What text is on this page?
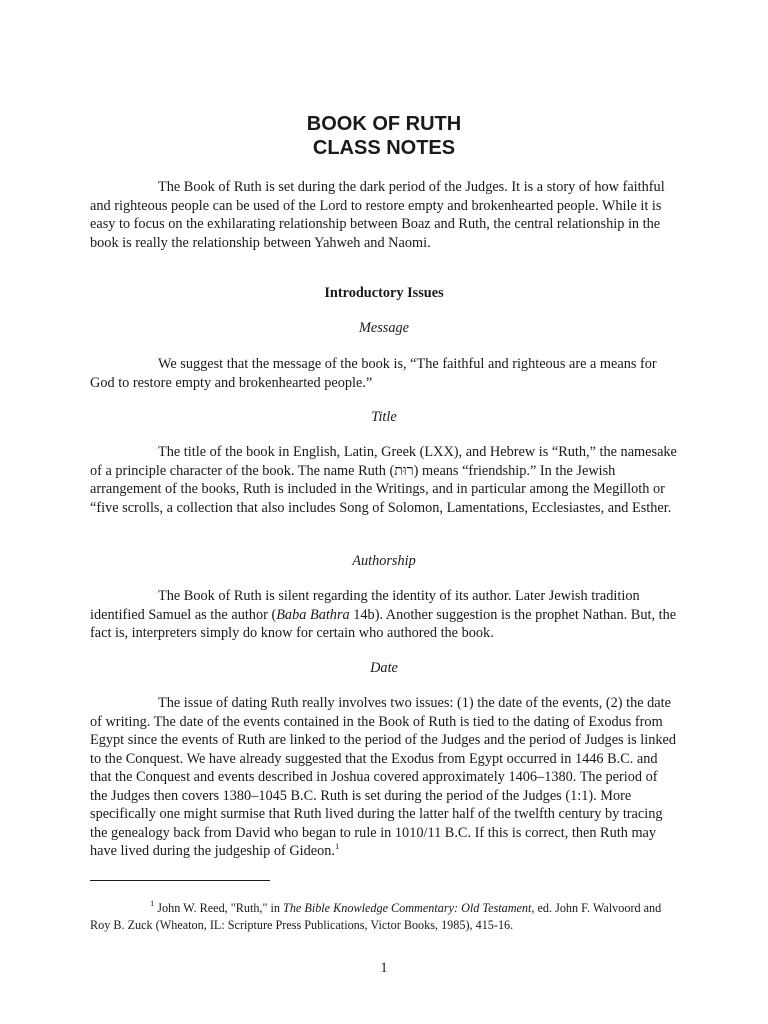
BOOK OF RUTH
CLASS NOTES

The Book of Ruth is set during the dark period of the Judges. It is a story of how faithful and righteous people can be used of the Lord to restore empty and brokenhearted people. While it is easy to focus on the exhilarating relationship between Boaz and Ruth, the central relationship in the book is really the relationship between Yahweh and Naomi.

Introductory Issues

Message

We suggest that the message of the book is, “The faithful and righteous are a means for God to restore empty and brokenhearted people.”

Title

The title of the book in English, Latin, Greek (LXX), and Hebrew is “Ruth,” the namesake of a principle character of the book. The name Ruth (רוּת) means “friendship.” In the Jewish arrangement of the books, Ruth is included in the Writings, and in particular among the Megilloth or “five scrolls, a collection that also includes Song of Solomon, Lamentations, Ecclesiastes, and Esther.

Authorship

The Book of Ruth is silent regarding the identity of its author. Later Jewish tradition identified Samuel as the author (Baba Bathra 14b). Another suggestion is the prophet Nathan. But, the fact is, interpreters simply do know for certain who authored the book.

Date

The issue of dating Ruth really involves two issues: (1) the date of the events, (2) the date of writing. The date of the events contained in the Book of Ruth is tied to the dating of Exodus from Egypt since the events of Ruth are linked to the period of the Judges and the period of Judges is linked to the Conquest. We have already suggested that the Exodus from Egypt occurred in 1446 B.C. and that the Conquest and events described in Joshua covered approximately 1406–1380. The period of the Judges then covers 1380–1045 B.C. Ruth is set during the period of the Judges (1:1). More specifically one might surmise that Ruth lived during the latter half of the twelfth century by tracing the genealogy back from David who began to rule in 1010/11 B.C. If this is correct, then Ruth may have lived during the judgeship of Gideon.$^1$

$^1$ John W. Reed, "Ruth," in The Bible Knowledge Commentary: Old Testament, ed. John F. Walvoord and Roy B. Zuck (Wheaton, IL: Scripture Press Publications, Victor Books, 1985), 415-16.

1
